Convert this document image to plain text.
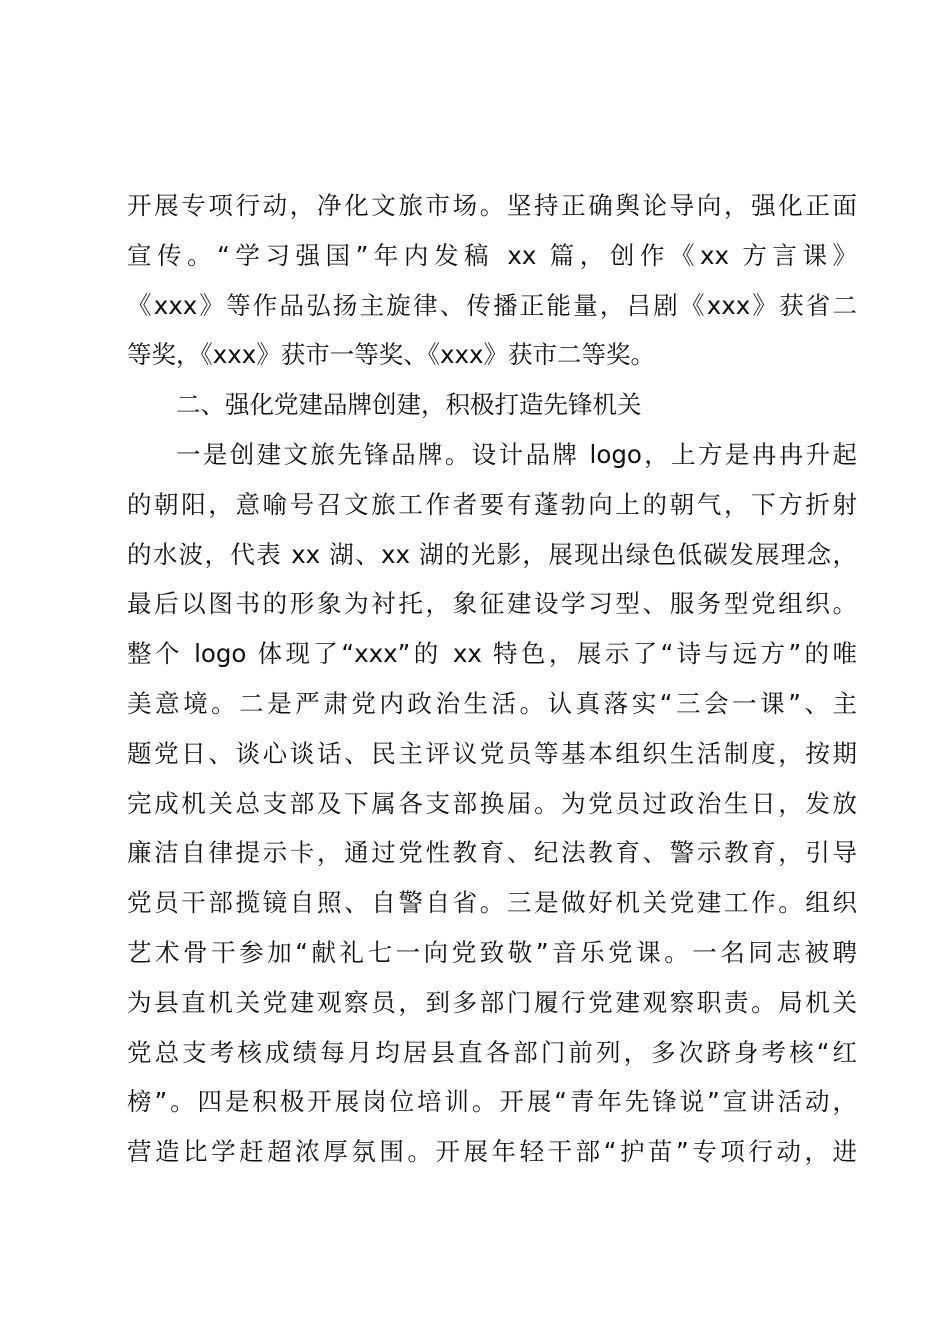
开展专项行动，净化文旅市场。坚持正确舆论导向，强化正面
宣传。“学习强国”年内发稿 xx 篇，创作《xx 方言课》
《xxx》等作品弘扬主旋律、传播正能量，吕剧《xxx》获省二
等奖，《xxx》获市一等奖、《xxx》获市二等奖。
二、强化党建品牌创建，积极打造先锋机关
一是创建文旅先锋品牌。设计品牌 logo，上方是冉冉升起
的朝阳，意喻号召文旅工作者要有蓬勃向上的朝气，下方折射
的水波，代表 xx 湖、xx 湖的光影，展现出绿色低碳发展理念，
最后以图书的形象为衬托，象征建设学习型、服务型党组织。
整个 logo 体现了“xxx”的 xx 特色，展示了“诗与远方”的唯
美意境。二是严肃党内政治生活。认真落实“三会一课”、主
题党日、谈心谈话、民主评议党员等基本组织生活制度，按期
完成机关总支部及下属各支部换届。为党员过政治生日，发放
廉洁自律提示卡，通过党性教育、纪法教育、警示教育，引导
党员干部揽镜自照、自警自省。三是做好机关党建工作。组织
艺术骨干参加“献礼七一向党致敬”音乐党课。一名同志被聘
为县直机关党建观察员，到多部门履行党建观察职责。局机关
党总支考核成绩每月均居县直各部门前列，多次跻身考核“红
榜”。四是积极开展岗位培训。开展“青年先锋说”宣讲活动，
营造比学赶超浓厚氛围。开展年轻干部“护苗”专项行动，进
